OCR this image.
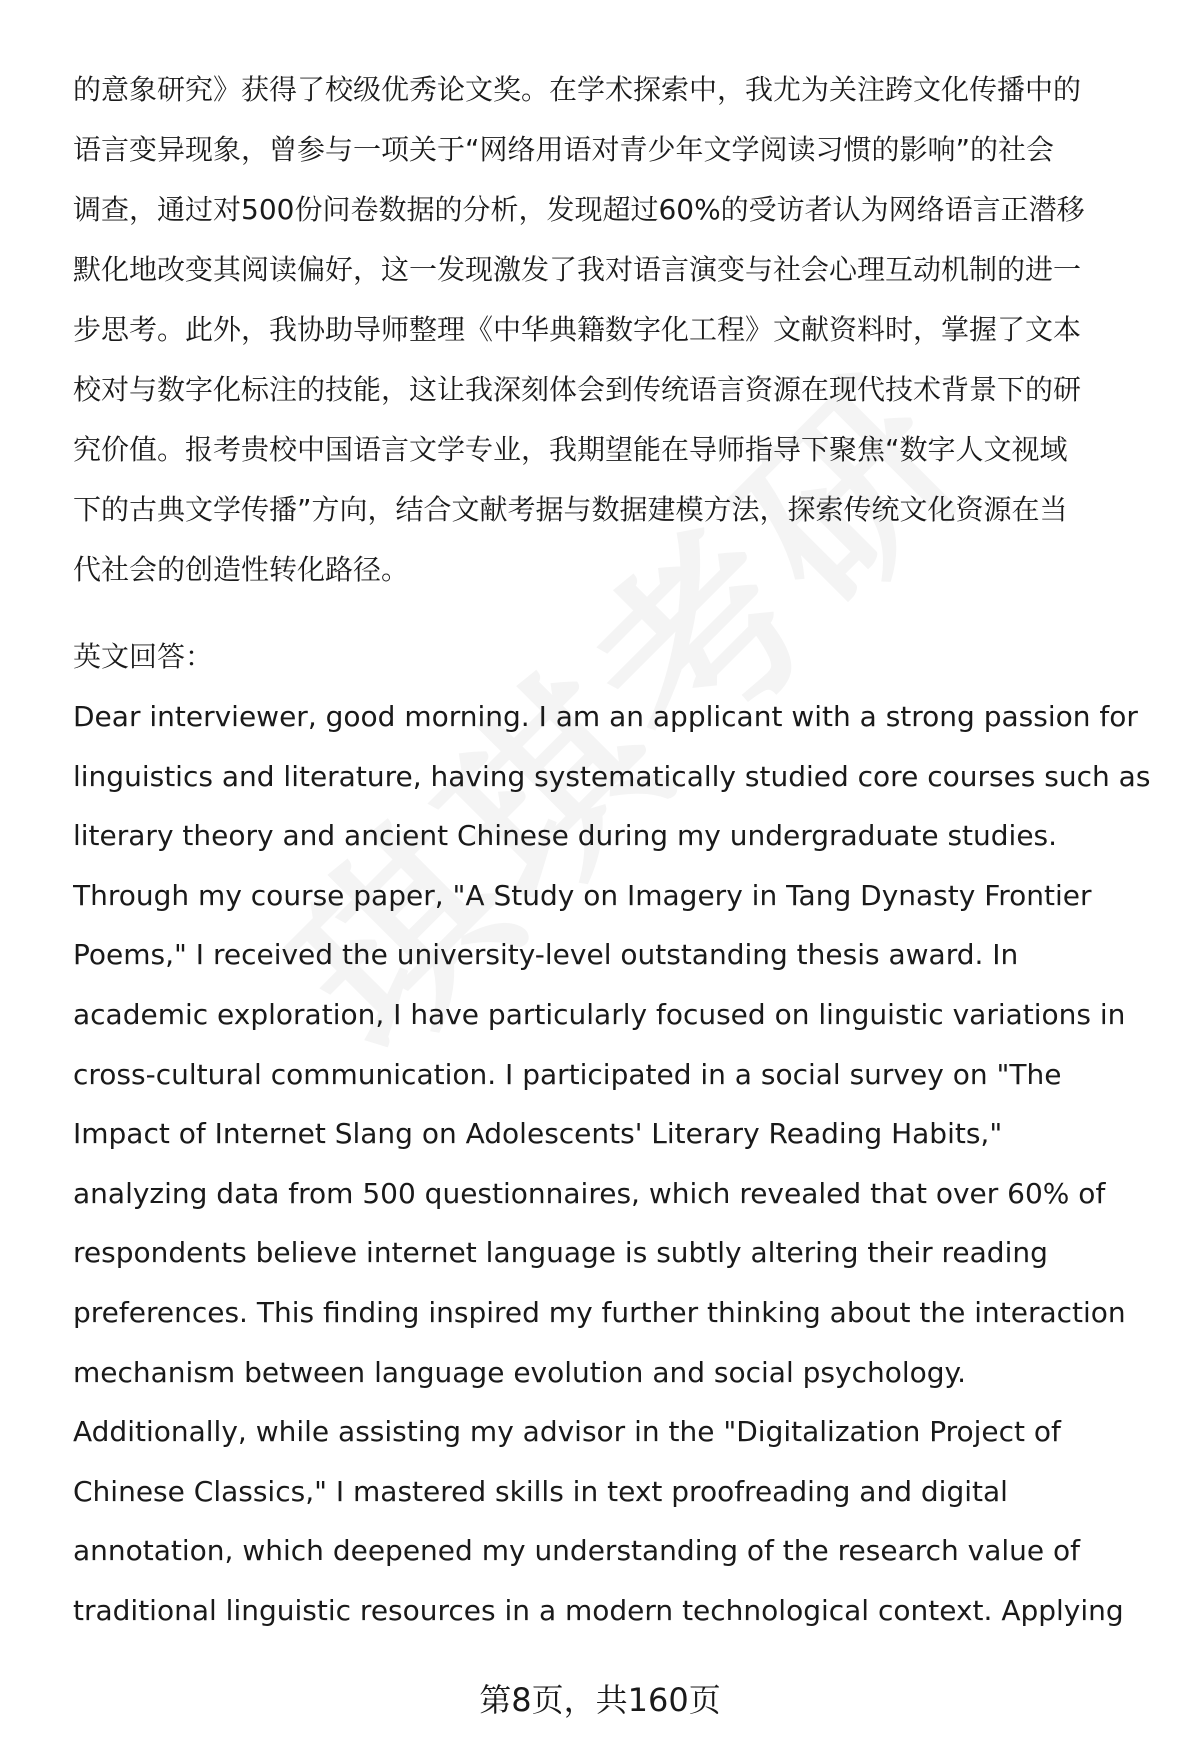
的意象研究》获得了校级优秀论文奖。在学术探索中，我尤为关注跨文化传播中的
语言变异现象，曾参与一项关于“网络用语对青少年文学阅读习惯的影响”的社会
调查，通过对500份问卷数据的分析，发现超过60%的受访者认为网络语言正潜移
默化地改变其阅读偏好，这一发现激发了我对语言演变与社会心理互动机制的进一
步思考。此外，我协助导师整理《中华典籍数字化工程》文献资料时，掌握了文本
校对与数字化标注的技能，这让我深刻体会到传统语言资源在现代技术背景下的研
究价值。报考贵校中国语言文学专业，我期望能在导师指导下聚焦“数字人文视域
下的古典文学传播”方向，结合文献考据与数据建模方法，探索传统文化资源在当
代社会的创造性转化路径。

英文回答：

Dear interviewer, good morning. I am an applicant with a strong passion for
linguistics and literature, having systematically studied core courses such as
literary theory and ancient Chinese during my undergraduate studies.
Through my course paper, "A Study on Imagery in Tang Dynasty Frontier
Poems," I received the university-level outstanding thesis award. In
academic exploration, I have particularly focused on linguistic variations in
cross-cultural communication. I participated in a social survey on "The
Impact of Internet Slang on Adolescents' Literary Reading Habits,"
analyzing data from 500 questionnaires, which revealed that over 60% of
respondents believe internet language is subtly altering their reading
preferences. This finding inspired my further thinking about the interaction
mechanism between language evolution and social psychology.
Additionally, while assisting my advisor in the "Digitalization Project of
Chinese Classics," I mastered skills in text proofreading and digital
annotation, which deepened my understanding of the research value of
traditional linguistic resources in a modern technological context. Applying

第8页，共160页
